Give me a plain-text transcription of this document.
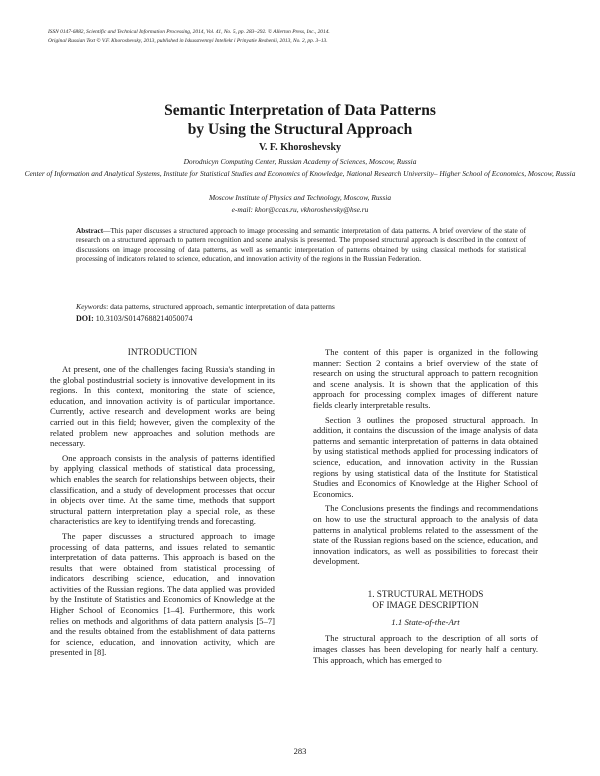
ISSN 0147-6882, Scientific and Technical Information Processing, 2014, Vol. 41, No. 5, pp. 283–292. © Allerton Press, Inc., 2014.
Original Russian Text © V.F. Khoroshevsky, 2013, published in Iskusstvennyi Intellekt i Prinyatie Reshenii, 2013, No. 2, pp. 3–13.
Semantic Interpretation of Data Patterns
by Using the Structural Approach
V. F. Khoroshevsky
Dorodnicyn Computing Center, Russian Academy of Sciences, Moscow, Russia
Center of Information and Analytical Systems, Institute for Statistical Studies and Economics of Knowledge, National Research University– Higher School of Economics, Moscow, Russia
Moscow Institute of Physics and Technology, Moscow, Russia
e-mail: khor@ccas.ru, vkhoroshevsky@hse.ru
Abstract—This paper discusses a structured approach to image processing and semantic interpretation of data patterns. A brief overview of the state of research on a structured approach to pattern recognition and scene analysis is presented. The proposed structural approach is described in the context of discussions on image processing of data patterns, as well as semantic interpretation of patterns obtained by using classical methods for statistical processing of indicators related to science, education, and innovation activity of the regions in the Russian Federation.
Keywords: data patterns, structured approach, semantic interpretation of data patterns
DOI: 10.3103/S0147688214050074
INTRODUCTION

At present, one of the challenges facing Russia's standing in the global postindustrial society is innovative development in its regions. In this context, monitoring the state of science, education, and innovation activity is of particular importance. Currently, active research and development works are being carried out in this field; however, given the complexity of the related problem new approaches and solution methods are necessary.

One approach consists in the analysis of patterns identified by applying classical methods of statistical data processing, which enables the search for relationships between objects, their classification, and a study of development processes that occur in objects over time. At the same time, methods that support structural pattern interpretation play a special role, as these characteristics are key to identifying trends and forecasting.

The paper discusses a structured approach to image processing of data patterns, and issues related to semantic interpretation of data patterns. This approach is based on the results that were obtained from statistical processing of indicators describing science, education, and innovation activities of the Russian regions. The data applied was provided by the Institute of Statistics and Economics of Knowledge at the Higher School of Economics [1–4]. Furthermore, this work relies on methods and algorithms of data pattern analysis [5–7] and the results obtained from the establishment of data patterns for science, education, and innovation activity, which are presented in [8].

The content of this paper is organized in the following manner: Section 2 contains a brief overview of the state of research on using the structural approach to pattern recognition and scene analysis. It is shown that the application of this approach for processing complex images of different nature fields clearly interpretable results.

Section 3 outlines the proposed structural approach. In addition, it contains the discussion of the image analysis of data patterns and semantic interpretation of patterns in data obtained by using statistical methods applied for processing indicators of science, education, and innovation activity in the Russian regions by using statistical data of the Institute for Statistical Studies and Economics of Knowledge at the Higher School of Economics.

The Conclusions presents the findings and recommendations on how to use the structural approach to the analysis of data patterns in analytical problems related to the assessment of the state of the Russian regions based on the science, education, and innovation indicators, as well as possibilities to forecast their development.

1. STRUCTURAL METHODS
OF IMAGE DESCRIPTION
1.1 State-of-the-Art

The structural approach to the description of all sorts of images classes has been developing for nearly half a century. This approach, which has emerged to

283
